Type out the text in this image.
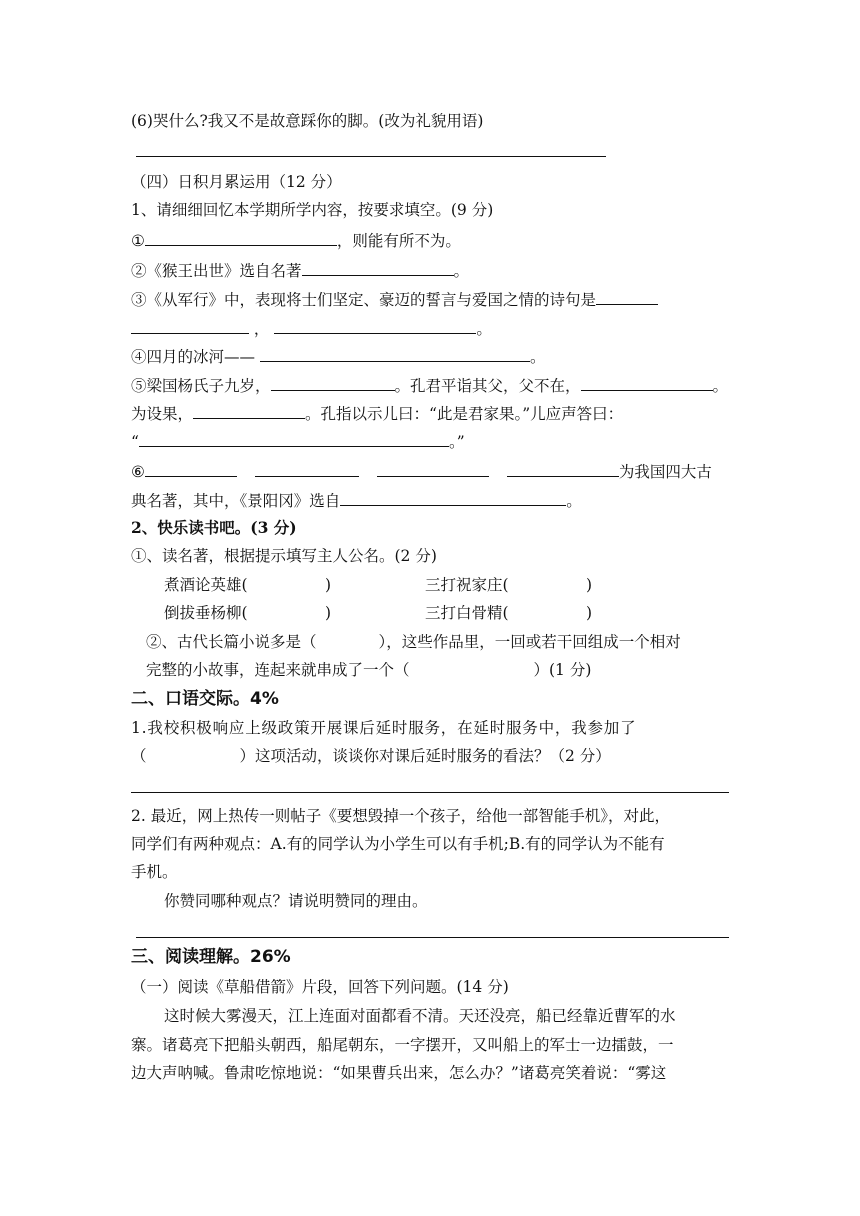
(6)哭什么?我又不是故意踩你的脚。(改为礼貌用语)
（四）日积月累运用（12 分）
1、请细细回忆本学期所学内容，按要求填空。(9 分)
①	，则能有所不为。
②《猴王出世》选自名著	。
③《从军行》中，表现将士们坚定、豪迈的誓言与爱国之情的诗句是
，	。
④四月的冰河——	。
⑤梁国杨氏子九岁，	。孔君平诣其父，父不在，	。
为设果，	。孔指以示儿曰：“此是君家果。”儿应声答曰：
“	。”
⑥	为我国四大古
典名著，其中，《景阳冈》选自	。
2、快乐读书吧。(3 分)
①、读名著，根据提示填写主人公名。(2 分)
煮酒论英雄(　　　　　)	三打祝家庄(　　　　　)
倒拔垂杨柳(　　　　　)	三打白骨精(　　　　　)
②、古代长篇小说多是（　　　　），这些作品里，一回或若干回组成一个相对
完整的小故事，连起来就串成了一个（　　　　　　　　）(1 分)
二、口语交际。4%
1.我校积极响应上级政策开展课后延时服务，在延时服务中，我参加了
（　　　　　　）这项活动，谈谈你对课后延时服务的看法？（2 分）
2. 最近，网上热传一则帖子《要想毁掉一个孩子，给他一部智能手机》，对此，
同学们有两种观点：A.有的同学认为小学生可以有手机;B.有的同学认为不能有
手机。
你赞同哪种观点？请说明赞同的理由。
三、阅读理解。26%
（一）阅读《草船借箭》片段，回答下列问题。(14 分)
这时候大雾漫天，江上连面对面都看不清。天还没亮，船已经靠近曹军的水
寨。诸葛亮下把船头朝西，船尾朝东，一字摆开，又叫船上的军士一边擂鼓，一
边大声呐喊。鲁肃吃惊地说：“如果曹兵出来，怎么办？”诸葛亮笑着说：“雾这
